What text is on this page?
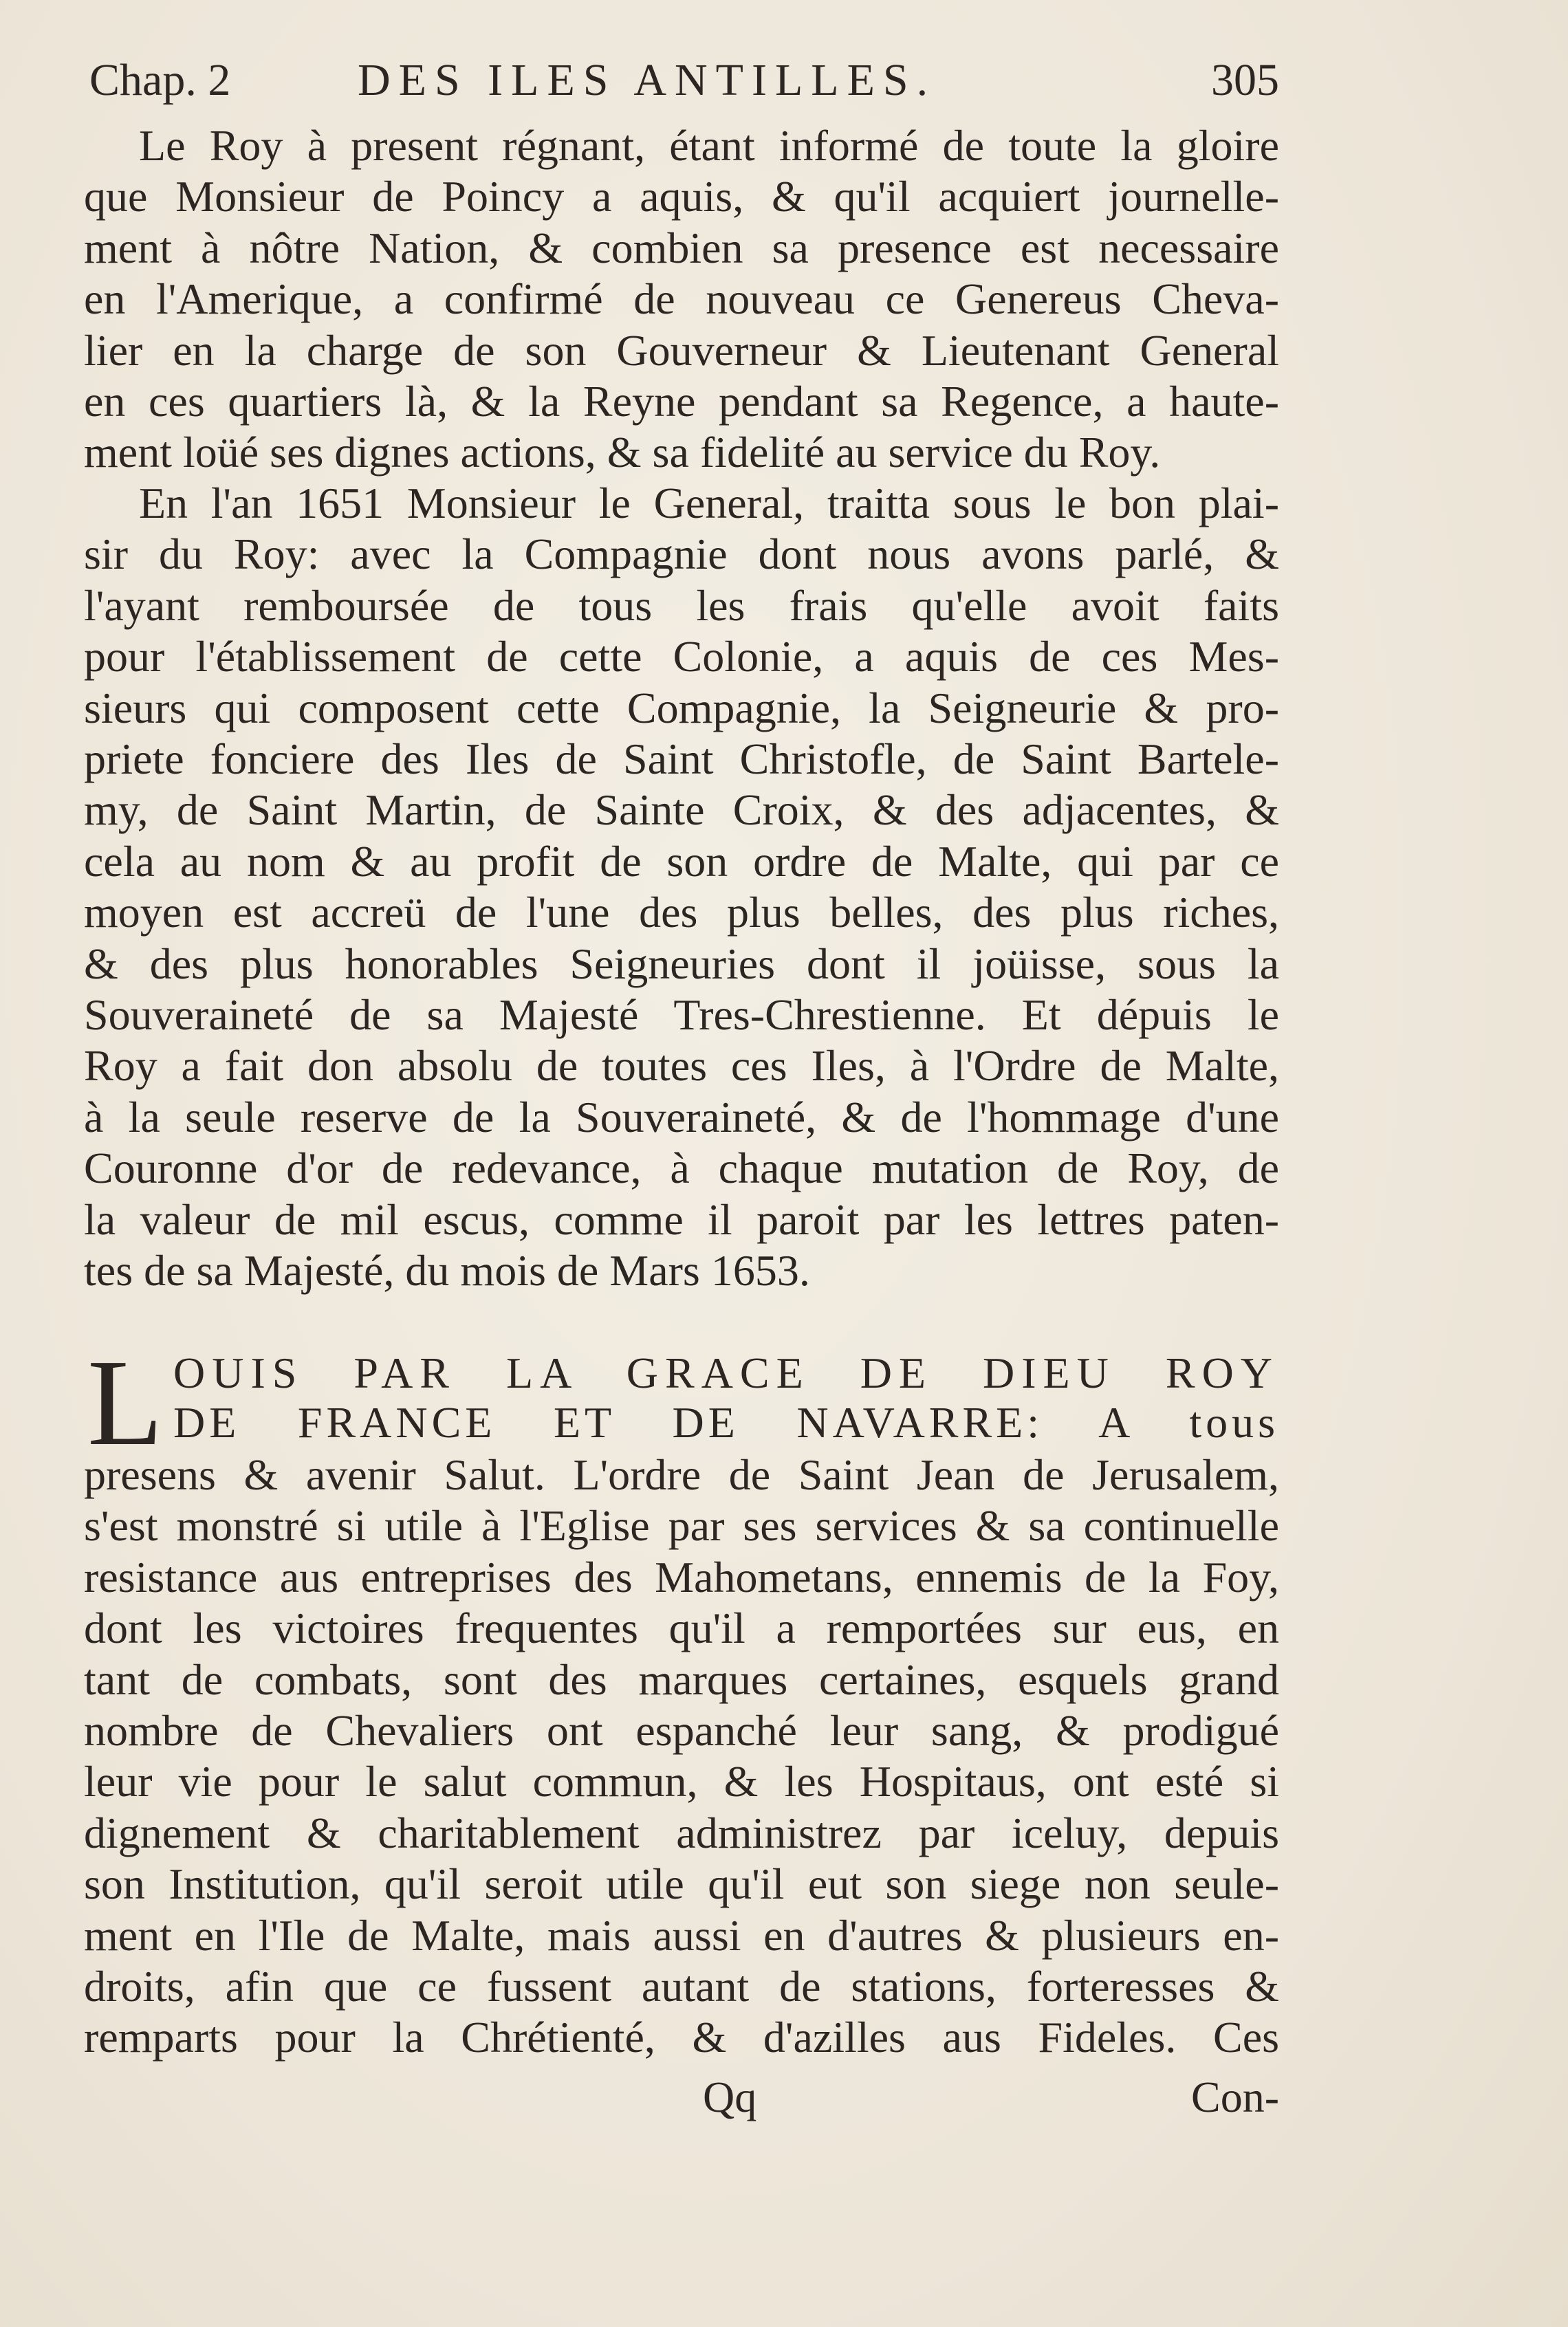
Chap. 2	DES ILES ANTILLES.	305
Le Roy à present régnant, étant informé de toute la gloire
que Monsieur de Poincy a aquis, & qu'il acquiert journelle-
ment à nôtre Nation, & combien sa presence est necessaire
en l'Amerique, a confirmé de nouveau ce Genereus Cheva-
lier en la charge de son Gouverneur & Lieutenant General
en ces quartiers là, & la Reyne pendant sa Regence, a haute-
ment loüé ses dignes actions, & sa fidelité au service du Roy.
En l'an 1651 Monsieur le General, traitta sous le bon plai-
sir du Roy: avec la Compagnie dont nous avons parlé, &
l'ayant remboursée de tous les frais qu'elle avoit faits
pour l'établissement de cette Colonie, a aquis de ces Mes-
sieurs qui composent cette Compagnie, la Seigneurie & pro-
priete fonciere des Iles de Saint Christofle, de Saint Bartele-
my, de Saint Martin, de Sainte Croix, & des adjacentes, &
cela au nom & au profit de son ordre de Malte, qui par ce
moyen est accreü de l'une des plus belles, des plus riches,
& des plus honorables Seigneuries dont il joüisse, sous la
Souveraineté de sa Majesté Tres-Chrestienne. Et dépuis le
Roy a fait don absolu de toutes ces Iles, à l'Ordre de Malte,
à la seule reserve de la Souveraineté, & de l'hommage d'une
Couronne d'or de redevance, à chaque mutation de Roy, de
la valeur de mil escus, comme il paroit par les lettres paten-
tes de sa Majesté, du mois de Mars 1653.
L OUIS PAR LA GRACE DE DIEU ROY
DE FRANCE ET DE NAVARRE: A tous
presens & avenir Salut. L'ordre de Saint Jean de Jerusalem,
s'est monstré si utile à l'Eglise par ses services & sa continuelle
resistance aus entreprises des Mahometans, ennemis de la Foy,
dont les victoires frequentes qu'il a remportées sur eus, en
tant de combats, sont des marques certaines, esquels grand
nombre de Chevaliers ont espanché leur sang, & prodigué
leur vie pour le salut commun, & les Hospitaus, ont esté si
dignement & charitablement administrez par iceluy, depuis
son Institution, qu'il seroit utile qu'il eut son siege non seule-
ment en l'Ile de Malte, mais aussi en d'autres & plusieurs en-
droits, afin que ce fussent autant de stations, forteresses &
remparts pour la Chrétienté, & d'azilles aus Fideles. Ces
Qq	Con-
